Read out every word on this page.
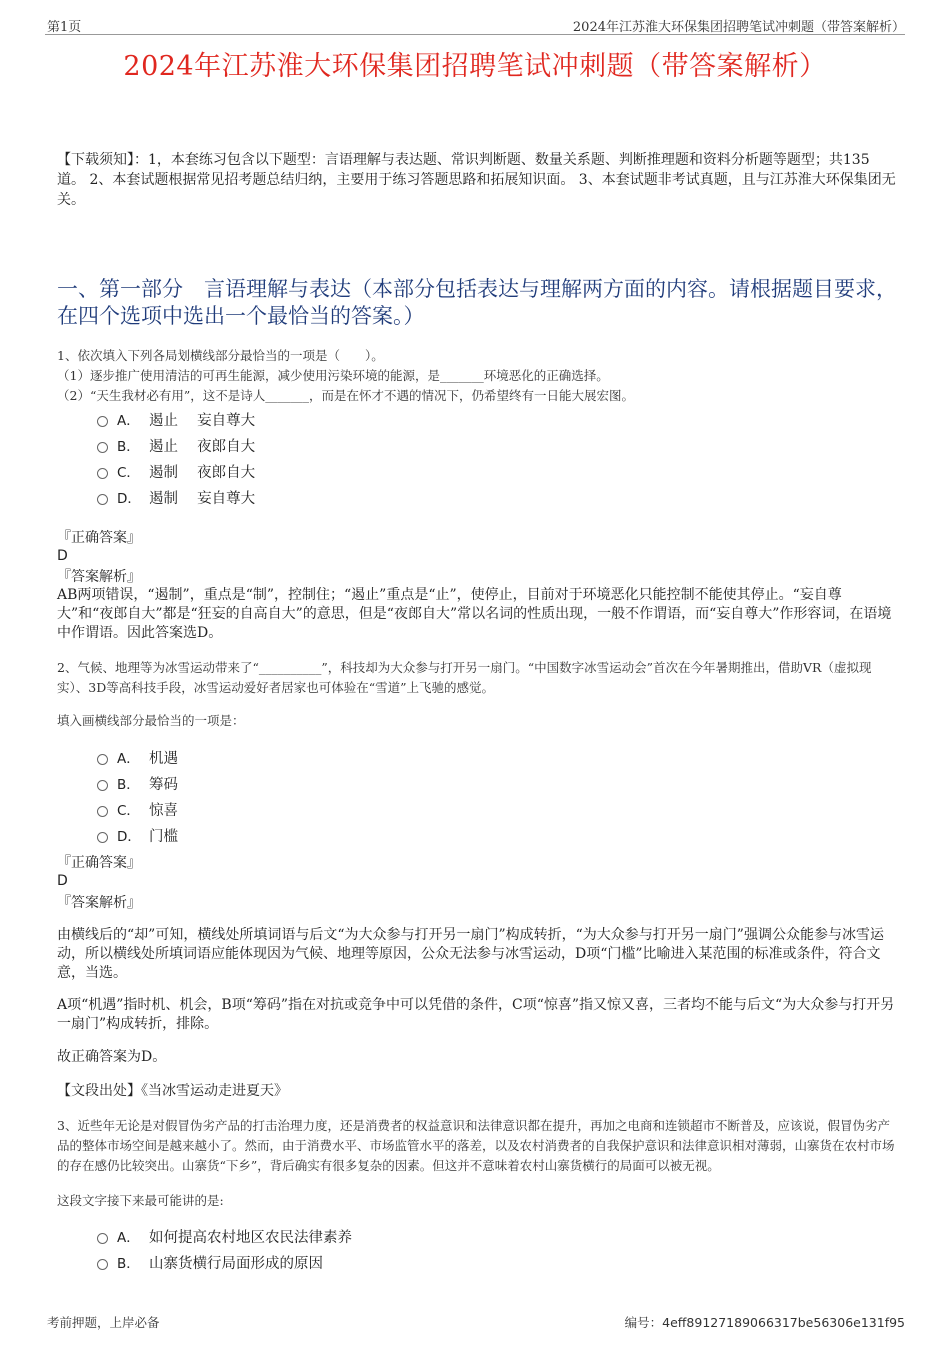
第1页	2024年江苏淮大环保集团招聘笔试冲刺题（带答案解析）
2024年江苏淮大环保集团招聘笔试冲刺题（带答案解析）
【下载须知】：1，本套练习包含以下题型：言语理解与表达题、常识判断题、数量关系题、判断推理题和资料分析题等题型；共135道。 2、本套试题根据常见招考题总结归纳，主要用于练习答题思路和拓展知识面。 3、本套试题非考试真题，且与江苏淮大环保集团无关。
一、第一部分　言语理解与表达（本部分包括表达与理解两方面的内容。请根据题目要求，在四个选项中选出一个最恰当的答案。）
1、依次填入下列各局划横线部分最恰当的一项是（　　）。
（1）逐步推广使用清洁的可再生能源，减少使用污染环境的能源，是_______环境恶化的正确选择。
（2）“天生我材必有用”，这不是诗人_______，而是在怀才不遇的情况下，仍希望终有一日能大展宏图。
A． 遏止　 妄自尊大
B． 遏止　 夜郎自大
C． 遏制　 夜郎自大
D． 遏制　 妄自尊大
『正确答案』
D
『答案解析』
AB两项错误，“遏制”，重点是“制”，控制住；“遏止”重点是“止”，使停止，目前对于环境恶化只能控制不能使其停止。“妄自尊大”和“夜郎自大”都是“狂妄的自高自大”的意思，但是“夜郎自大”常以名词的性质出现，一般不作谓语，而“妄自尊大”作形容词，在语境中作谓语。因此答案选D。
2、气候、地理等为冰雪运动带来了“__________”，科技却为大众参与打开另一扇门。“中国数字冰雪运动会”首次在今年暑期推出，借助VR（虚拟现实）、3D等高科技手段，冰雪运动爱好者居家也可体验在“雪道”上飞驰的感觉。
填入画横线部分最恰当的一项是：
A． 机遇
B． 筹码
C． 惊喜
D． 门槛
『正确答案』
D
『答案解析』
由横线后的“却”可知，横线处所填词语与后文“为大众参与打开另一扇门”构成转折，“为大众参与打开另一扇门”强调公众能参与冰雪运动，所以横线处所填词语应能体现因为气候、地理等原因，公众无法参与冰雪运动，D项“门槛”比喻进入某范围的标准或条件，符合文意，当选。
A项“机遇”指时机、机会，B项“筹码”指在对抗或竞争中可以凭借的条件，C项“惊喜”指又惊又喜，三者均不能与后文“为大众参与打开另一扇门”构成转折，排除。
故正确答案为D。
【文段出处】《当冰雪运动走进夏天》
3、近些年无论是对假冒伪劣产品的打击治理力度，还是消费者的权益意识和法律意识都在提升，再加之电商和连锁超市不断普及，应该说，假冒伪劣产品的整体市场空间是越来越小了。然而，由于消费水平、市场监管水平的落差，以及农村消费者的自我保护意识和法律意识相对薄弱，山寨货在农村市场的存在感仍比较突出。山寨货“下乡”，背后确实有很多复杂的因素。但这并不意味着农村山寨货横行的局面可以被无视。
这段文字接下来最可能讲的是:
A． 如何提高农村地区农民法律素养
B． 山寨货横行局面形成的原因
考前押题，上岸必备	编号：4eff89127189066317be56306e131f95
